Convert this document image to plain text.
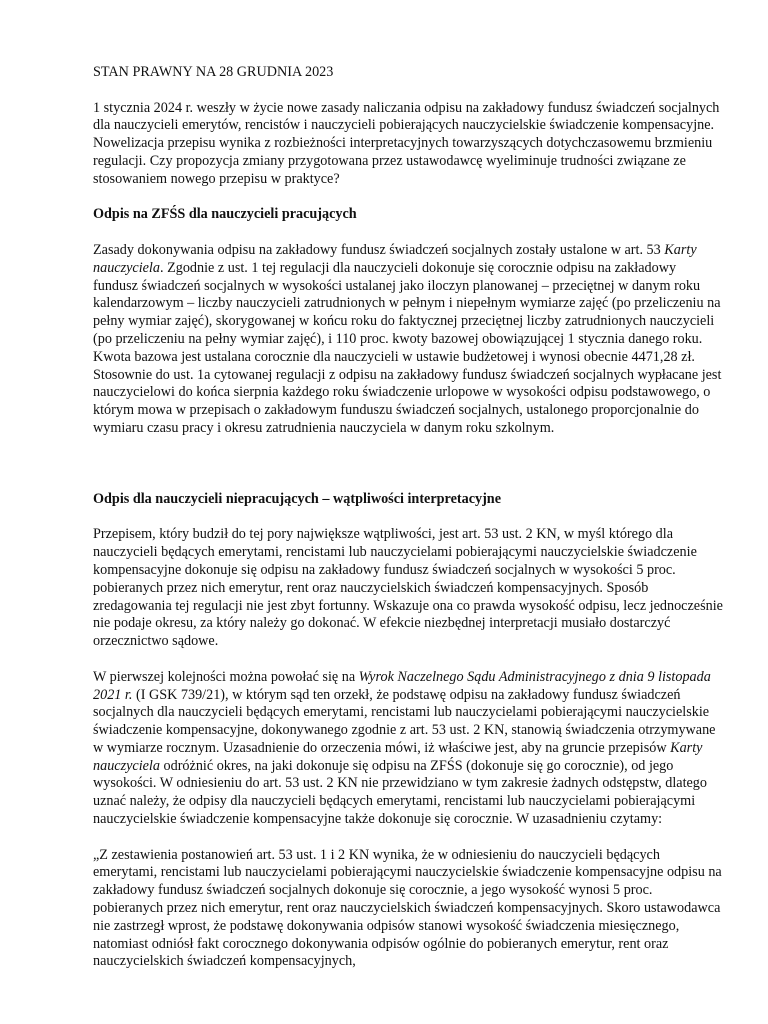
STAN PRAWNY NA 28 GRUDNIA 2023

1 stycznia 2024 r. weszły w życie nowe zasady naliczania odpisu na zakładowy fundusz świadczeń socjalnych dla nauczycieli emerytów, rencistów i nauczycieli pobierających nauczycielskie świadczenie kompensacyjne. Nowelizacja przepisu wynika z rozbieżności interpretacyjnych towarzyszących dotychczasowemu brzmieniu regulacji. Czy propozycja zmiany przygotowana przez ustawodawcę wyeliminuje trudności związane ze stosowaniem nowego przepisu w praktyce?

Odpis na ZFŚS dla nauczycieli pracujących

Zasady dokonywania odpisu na zakładowy fundusz świadczeń socjalnych zostały ustalone w art. 53 Karty nauczyciela. Zgodnie z ust. 1 tej regulacji dla nauczycieli dokonuje się corocznie odpisu na zakładowy fundusz świadczeń socjalnych w wysokości ustalanej jako iloczyn planowanej – przeciętnej w danym roku kalendarzowym – liczby nauczycieli zatrudnionych w pełnym i niepełnym wymiarze zajęć (po przeliczeniu na pełny wymiar zajęć), skorygowanej w końcu roku do faktycznej przeciętnej liczby zatrudnionych nauczycieli (po przeliczeniu na pełny wymiar zajęć), i 110 proc. kwoty bazowej obowiązującej 1 stycznia danego roku. Kwota bazowa jest ustalana corocznie dla nauczycieli w ustawie budżetowej i wynosi obecnie 4471,28 zł. Stosownie do ust. 1a cytowanej regulacji z odpisu na zakładowy fundusz świadczeń socjalnych wypłacane jest nauczycielowi do końca sierpnia każdego roku świadczenie urlopowe w wysokości odpisu podstawowego, o którym mowa w przepisach o zakładowym funduszu świadczeń socjalnych, ustalonego proporcjonalnie do wymiaru czasu pracy i okresu zatrudnienia nauczyciela w danym roku szkolnym.

Odpis dla nauczycieli niepracujących – wątpliwości interpretacyjne

Przepisem, który budził do tej pory największe wątpliwości, jest art. 53 ust. 2 KN, w myśl którego dla nauczycieli będących emerytami, rencistami lub nauczycielami pobierającymi nauczycielskie świadczenie kompensacyjne dokonuje się odpisu na zakładowy fundusz świadczeń socjalnych w wysokości 5 proc. pobieranych przez nich emerytur, rent oraz nauczycielskich świadczeń kompensacyjnych. Sposób zredagowania tej regulacji nie jest zbyt fortunny. Wskazuje ona co prawda wysokość odpisu, lecz jednocześnie nie podaje okresu, za który należy go dokonać. W efekcie niezbędnej interpretacji musiało dostarczyć orzecznictwo sądowe.

W pierwszej kolejności można powołać się na Wyrok Naczelnego Sądu Administracyjnego z dnia 9 listopada 2021 r. (I GSK 739/21), w którym sąd ten orzekł, że podstawę odpisu na zakładowy fundusz świadczeń socjalnych dla nauczycieli będących emerytami, rencistami lub nauczycielami pobierającymi nauczycielskie świadczenie kompensacyjne, dokonywanego zgodnie z art. 53 ust. 2 KN, stanowią świadczenia otrzymywane w wymiarze rocznym. Uzasadnienie do orzeczenia mówi, iż właściwe jest, aby na gruncie przepisów Karty nauczyciela odróżnić okres, na jaki dokonuje się odpisu na ZFŚS (dokonuje się go corocznie), od jego wysokości. W odniesieniu do art. 53 ust. 2 KN nie przewidziano w tym zakresie żadnych odstępstw, dlatego uznać należy, że odpisy dla nauczycieli będących emerytami, rencistami lub nauczycielami pobierającymi nauczycielskie świadczenie kompensacyjne także dokonuje się corocznie. W uzasadnieniu czytamy:

„Z zestawienia postanowień art. 53 ust. 1 i 2 KN wynika, że w odniesieniu do nauczycieli będących emerytami, rencistami lub nauczycielami pobierającymi nauczycielskie świadczenie kompensacyjne odpisu na zakładowy fundusz świadczeń socjalnych dokonuje się corocznie, a jego wysokość wynosi 5 proc. pobieranych przez nich emerytur, rent oraz nauczycielskich świadczeń kompensacyjnych. Skoro ustawodawca nie zastrzegł wprost, że podstawę dokonywania odpisów stanowi wysokość świadczenia miesięcznego, natomiast odniósł fakt corocznego dokonywania odpisów ogólnie do pobieranych emerytur, rent oraz nauczycielskich świadczeń kompensacyjnych,
